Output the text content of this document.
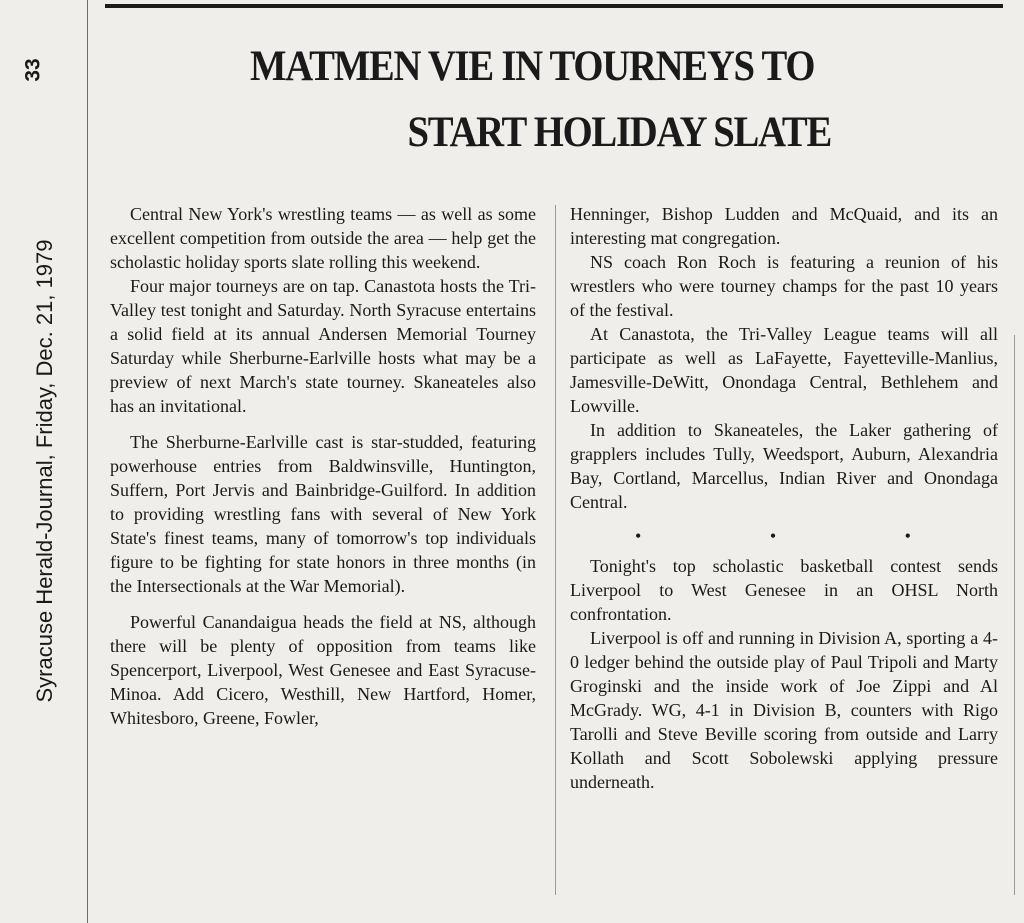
33
Syracuse Herald-Journal, Friday, Dec. 21, 1979
MATMEN VIE IN TOURNEYS TO
START HOLIDAY SLATE

Central New York's wrestling teams — as well as some excellent competition from outside the area — help get the scholastic holiday sports slate rolling this weekend.

Four major tourneys are on tap. Canastota hosts the Tri-Valley test tonight and Saturday. North Syracuse entertains a solid field at its annual Andersen Memorial Tourney Saturday while Sherburne-Earlville hosts what may be a preview of next March's state tourney. Skaneateles also has an invitational.

The Sherburne-Earlville cast is star-studded, featuring powerhouse entries from Baldwinsville, Huntington, Suffern, Port Jervis and Bainbridge-Guilford. In addition to providing wrestling fans with several of New York State's finest teams, many of tomorrow's top individuals figure to be fighting for state honors in three months (in the Intersectionals at the War Memorial).

Powerful Canandaigua heads the field at NS, although there will be plenty of opposition from teams like Spencerport, Liverpool, West Genesee and East Syracuse-Minoa. Add Cicero, Westhill, New Hartford, Homer, Whitesboro, Greene, Fowler,

Henninger, Bishop Ludden and McQuaid, and its an interesting mat congregation.

NS coach Ron Roch is featuring a reunion of his wrestlers who were tourney champs for the past 10 years of the festival.

At Canastota, the Tri-Valley League teams will all participate as well as LaFayette, Fayetteville-Manlius, Jamesville-DeWitt, Onondaga Central, Bethlehem and Lowville.

In addition to Skaneateles, the Laker gathering of grapplers includes Tully, Weedsport, Auburn, Alexandria Bay, Cortland, Marcellus, Indian River and Onondaga Central.

• • •

Tonight's top scholastic basketball contest sends Liverpool to West Genesee in an OHSL North confrontation.

Liverpool is off and running in Division A, sporting a 4-0 ledger behind the outside play of Paul Tripoli and Marty Groginski and the inside work of Joe Zippi and Al McGrady. WG, 4-1 in Division B, counters with Rigo Tarolli and Steve Beville scoring from outside and Larry Kollath and Scott Sobolewski applying pressure underneath.
